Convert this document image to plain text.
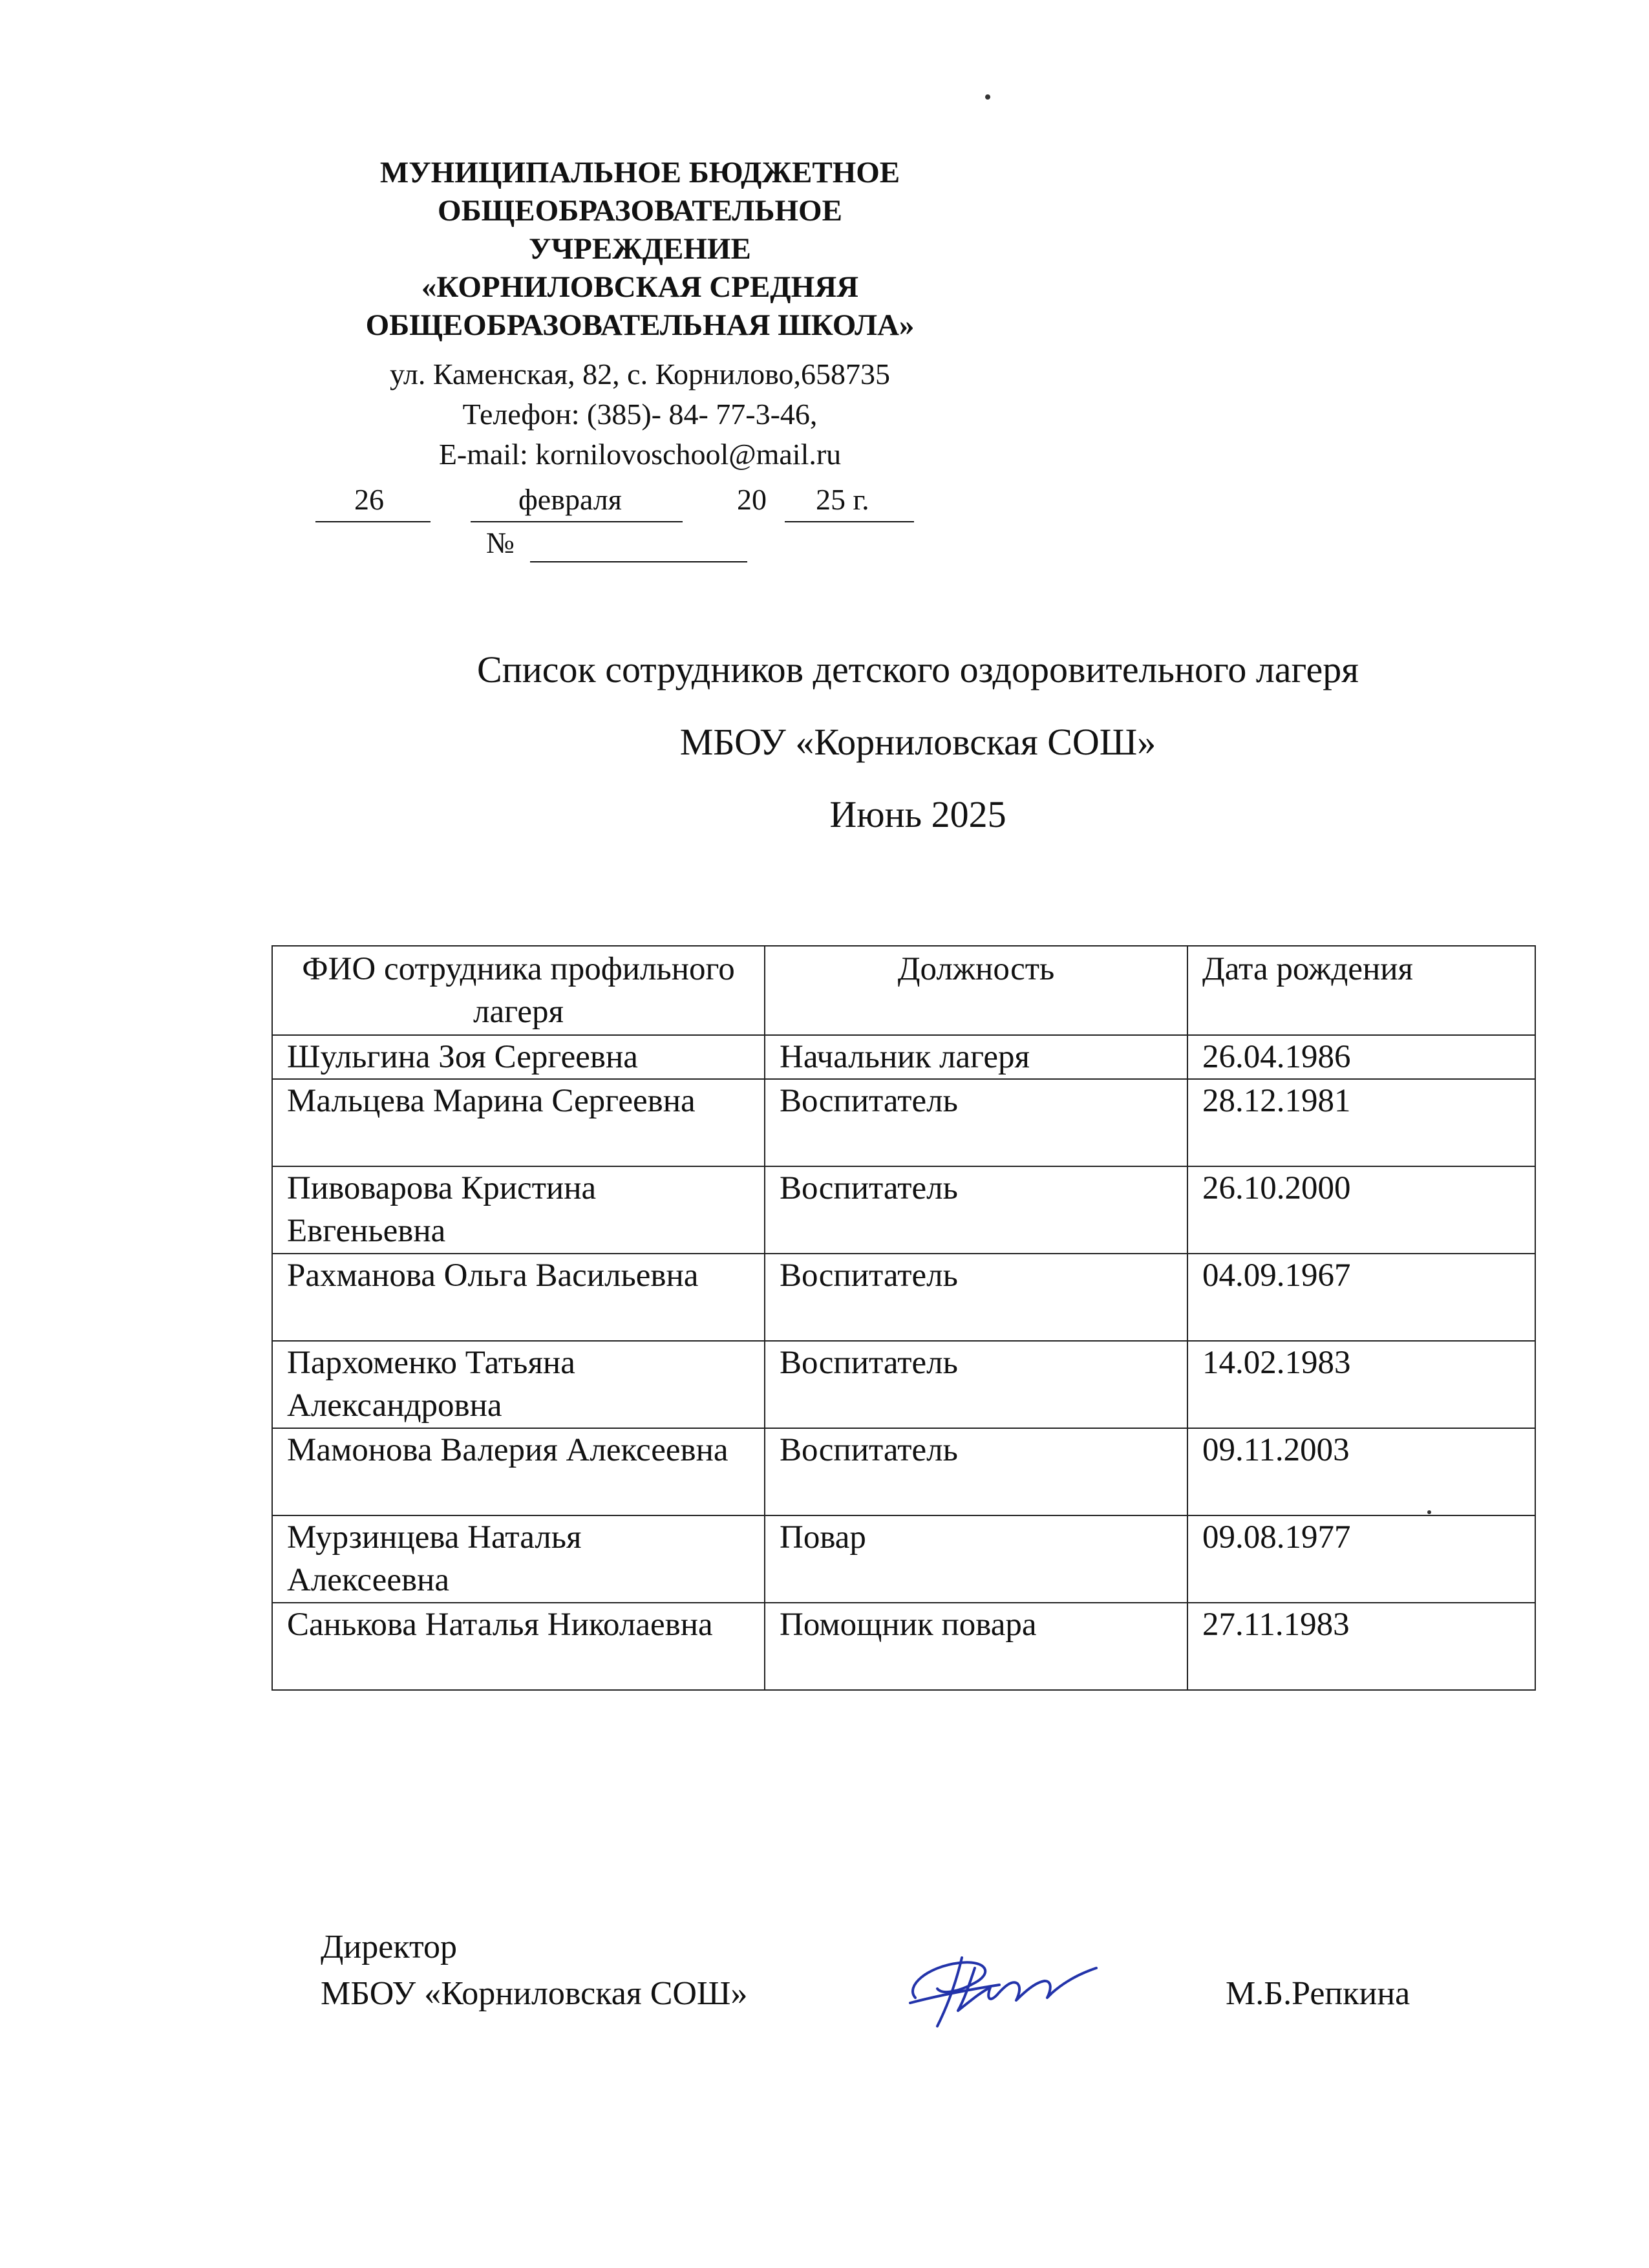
МУНИЦИПАЛЬНОЕ БЮДЖЕТНОЕ
ОБЩЕОБРАЗОВАТЕЛЬНОЕ
УЧРЕЖДЕНИЕ
«КОРНИЛОВСКАЯ СРЕДНЯЯ
ОБЩЕОБРАЗОВАТЕЛЬНАЯ ШКОЛА»
ул. Каменская, 82, с. Корнилово,658735
Телефон: (385)- 84- 77-3-46,
E-mail: kornilovoschool@mail.ru
26	февраля	20 25 г.
№
Список сотрудников детского оздоровительного лагеря
МБОУ «Корниловская СОШ»
Июнь 2025
ФИО сотрудника профильного лагеря	Должность	Дата рождения
Шульгина Зоя Сергеевна	Начальник лагеря	26.04.1986
Мальцева Марина Сергеевна	Воспитатель	28.12.1981
Пивоварова Кристина Евгеньевна	Воспитатель	26.10.2000
Рахманова Ольга Васильевна	Воспитатель	04.09.1967
Пархоменко Татьяна Александровна	Воспитатель	14.02.1983
Мамонова Валерия Алексеевна	Воспитатель	09.11.2003
Мурзинцева Наталья Алексеевна	Повар	09.08.1977
Санькова Наталья Николаевна	Помощник повара	27.11.1983
Директор
МБОУ «Корниловская СОШ»	М.Б.Репкина
